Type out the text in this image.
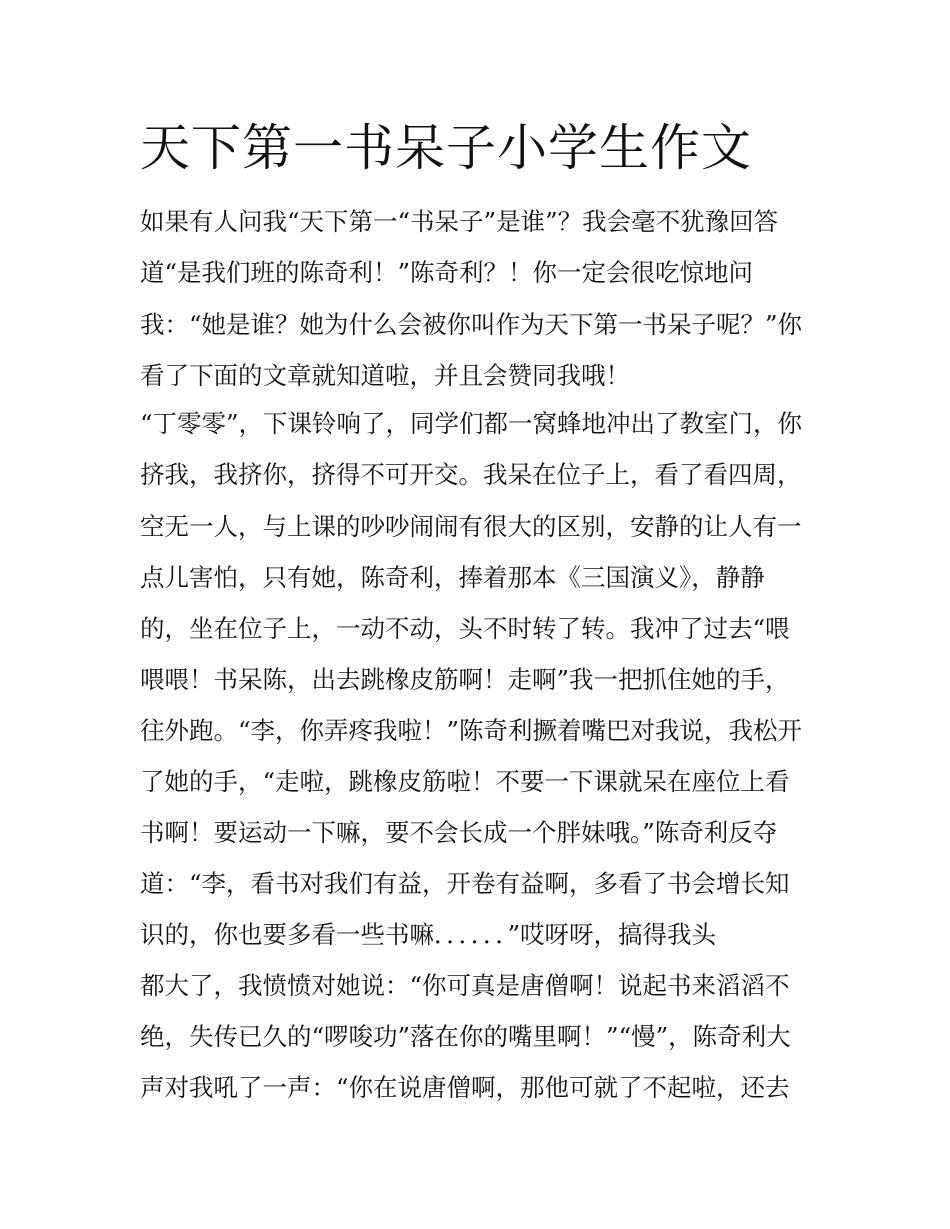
天下第一书呆子小学生作文

如果有人问我“天下第一“书呆子”是谁”？我会毫不犹豫回答

道“是我们班的陈奇利！”陈奇利？！你一定会很吃惊地问

我：“她是谁？她为什么会被你叫作为天下第一书呆子呢？”你

看了下面的文章就知道啦，并且会赞同我哦！

“丁零零”，下课铃响了，同学们都一窝蜂地冲出了教室门，你

挤我，我挤你，挤得不可开交。我呆在位子上，看了看四周，

空无一人，与上课的吵吵闹闹有很大的区别，安静的让人有一

点儿害怕，只有她，陈奇利，捧着那本《三国演义》，静静

的，坐在位子上，一动不动，头不时转了转。我冲了过去“喂

喂喂！书呆陈，出去跳橡皮筋啊！走啊”我一把抓住她的手，

往外跑。“李，你弄疼我啦！”陈奇利撅着嘴巴对我说，我松开

了她的手，“走啦，跳橡皮筋啦！不要一下课就呆在座位上看

书啊！要运动一下嘛，要不会长成一个胖妹哦。”陈奇利反夺

道：“李，看书对我们有益，开卷有益啊，多看了书会增长知

识的，你也要多看一些书嘛．．．．．．”哎呀呀，搞得我头

都大了，我愤愤对她说：“你可真是唐僧啊！说起书来滔滔不

绝，失传已久的“啰唆功”落在你的嘴里啊！”“慢”，陈奇利大

声对我吼了一声：“你在说唐僧啊，那他可就了不起啦，还去
